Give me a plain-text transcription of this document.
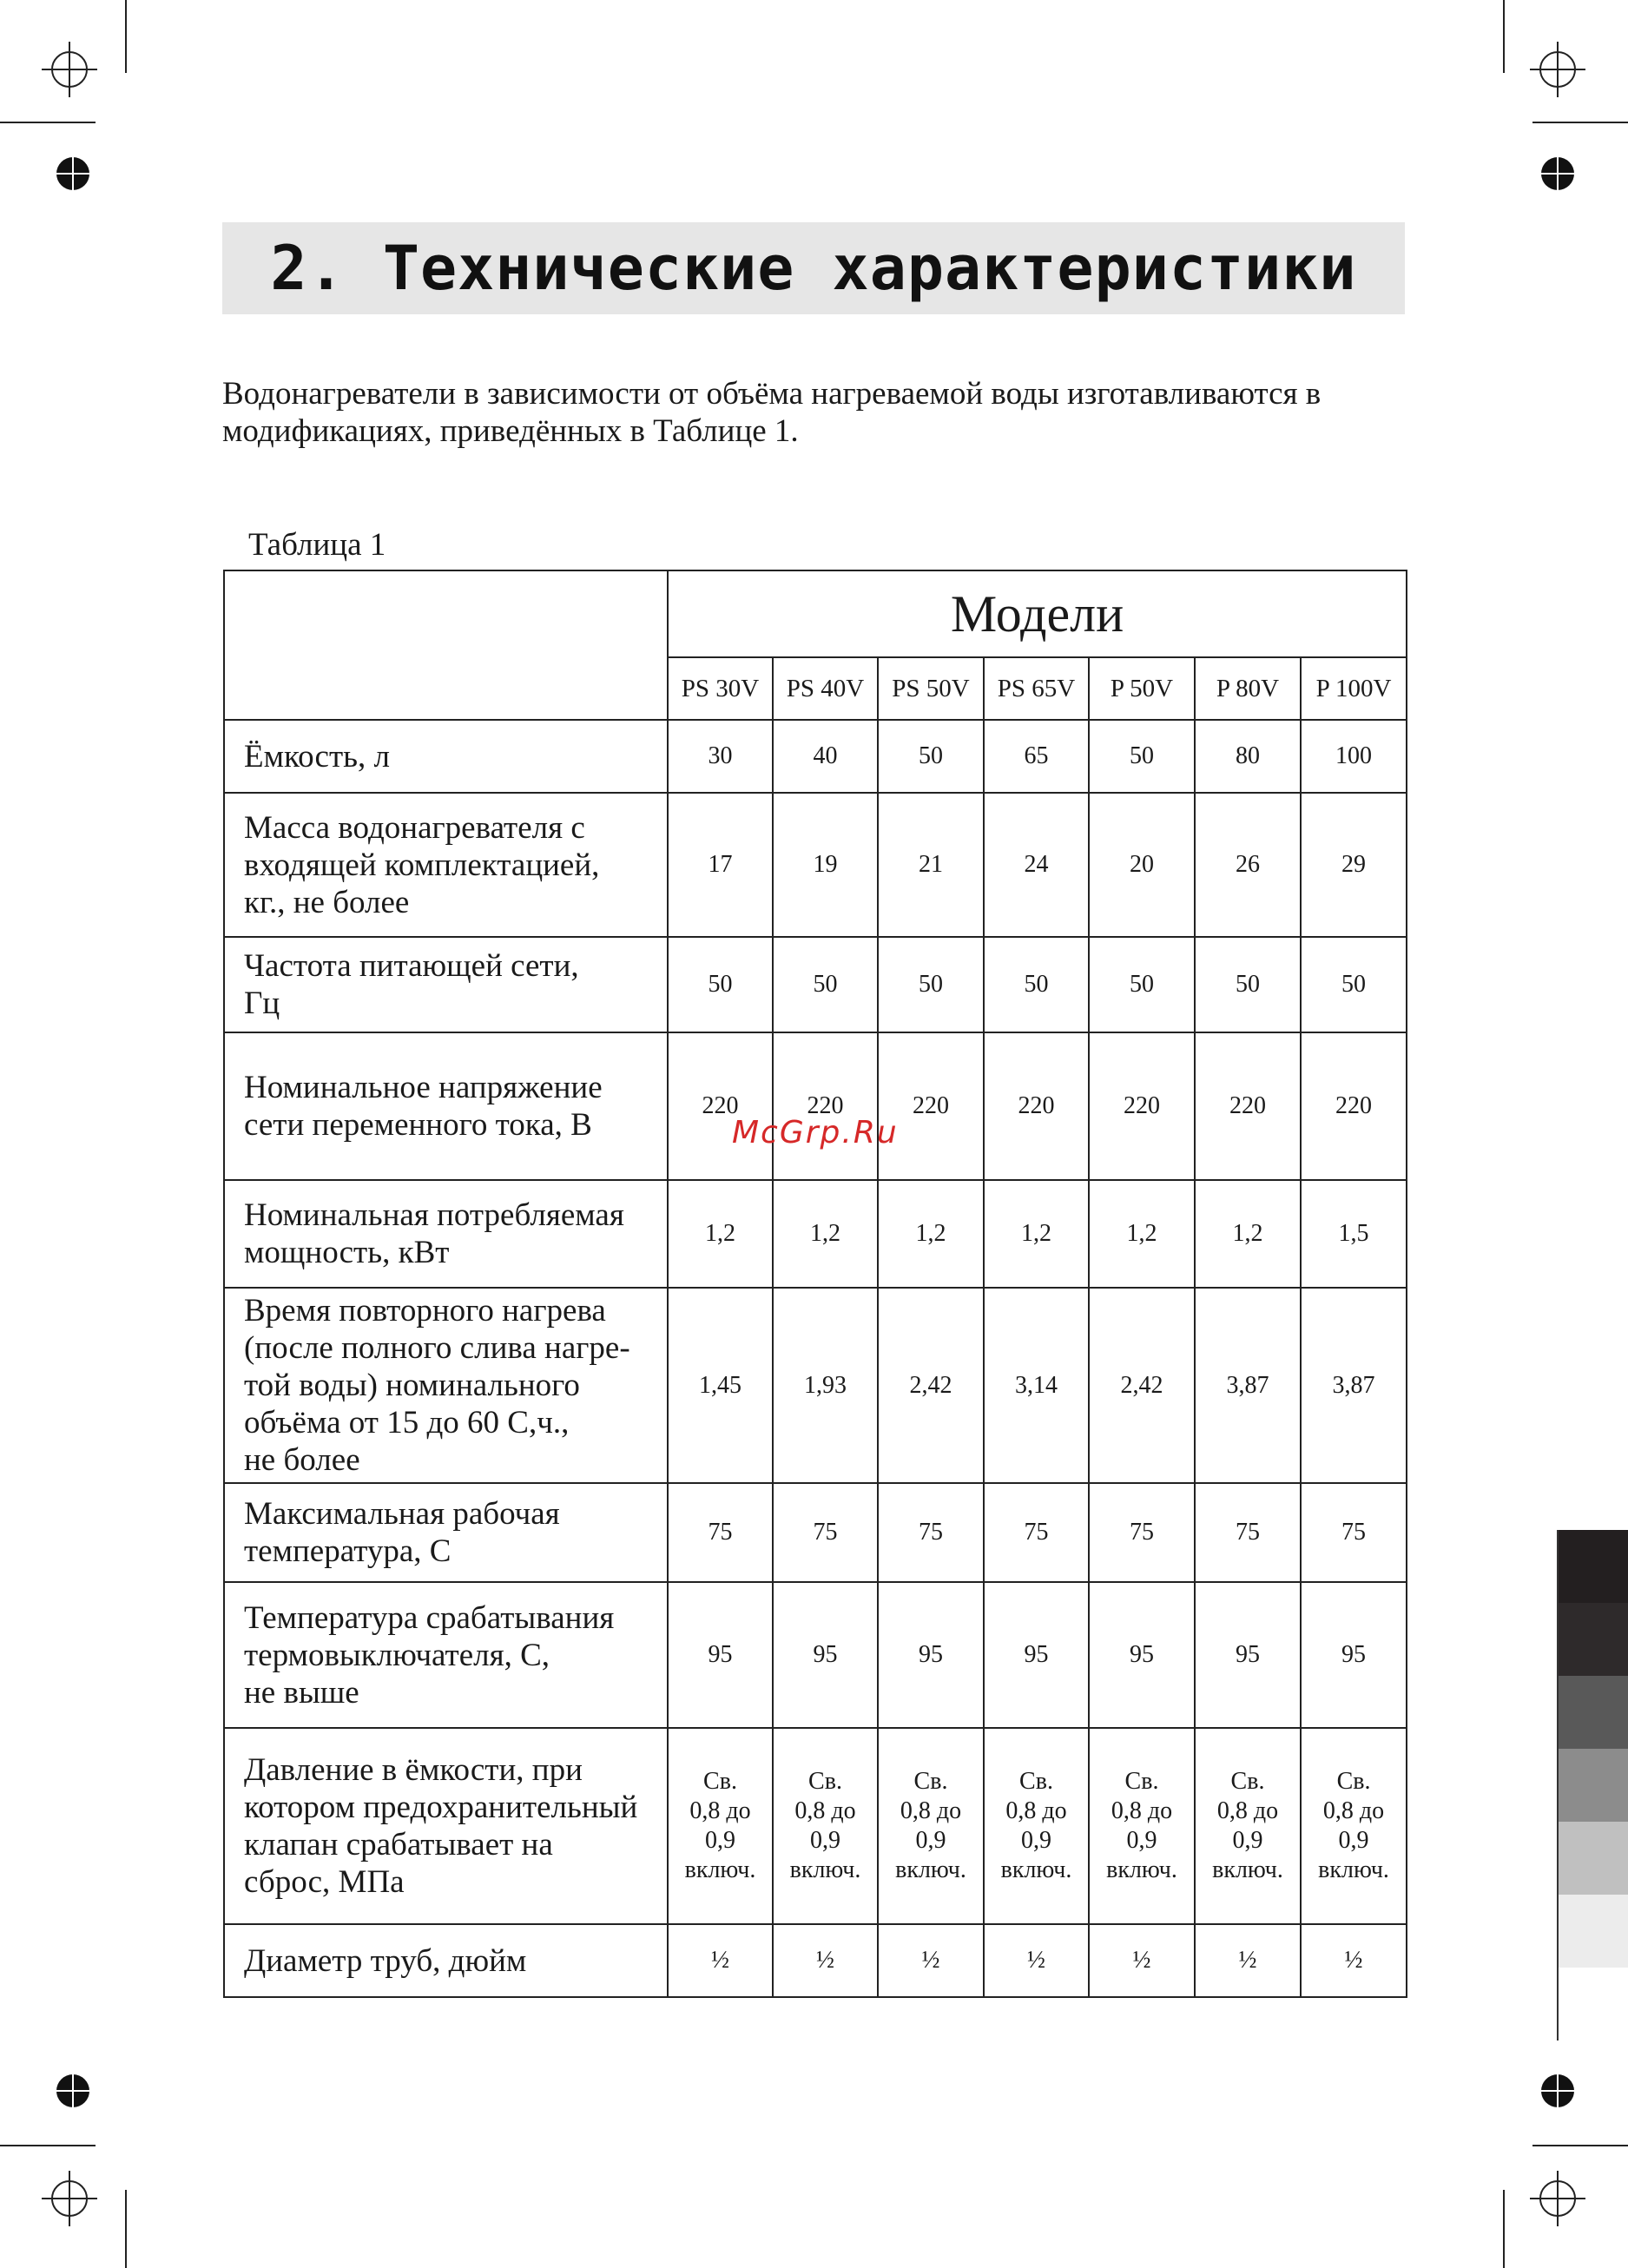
2. Технические характеристики

Водонагреватели в зависимости от объёма нагреваемой воды изготавливаются в
модификациях, приведённых в Таблице 1.

Таблица 1
	Модели						
	PS 30V	PS 40V	PS 50V	PS 65V	P 50V	P 80V	P 100V
Ёмкость, л	30	40	50	65	50	80	100
Масса водонагревателя с
входящей комплектацией,
кг., не более	17	19	21	24	20	26	29
Частота питающей сети,
Гц	50	50	50	50	50	50	50
Номинальное напряжение
сети переменного тока, В	220	220	220	220	220	220	220
Номинальная потребляемая
мощность, кВт	1,2	1,2	1,2	1,2	1,2	1,2	1,5
Время повторного нагрева
(после полного слива нагре-
той воды) номинального
объёма от 15 до 60 С,ч.,
не более	1,45	1,93	2,42	3,14	2,42	3,87	3,87
Максимальная рабочая
температура, С	75	75	75	75	75	75	75
Температура срабатывания
термовыключателя, С,
не выше	95	95	95	95	95	95	95
Давление в ёмкости, при
котором предохранительный
клапан срабатывает на
сброс, МПа	Св.
0,8 до
0,9
включ.	Св.
0,8 до
0,9
включ.	Св.
0,8 до
0,9
включ.	Св.
0,8 до
0,9
включ.	Св.
0,8 до
0,9
включ.	Св.
0,8 до
0,9
включ.	Св.
0,8 до
0,9
включ.
Диаметр труб, дюйм	½	½	½	½	½	½	½
McGrp.Ru
